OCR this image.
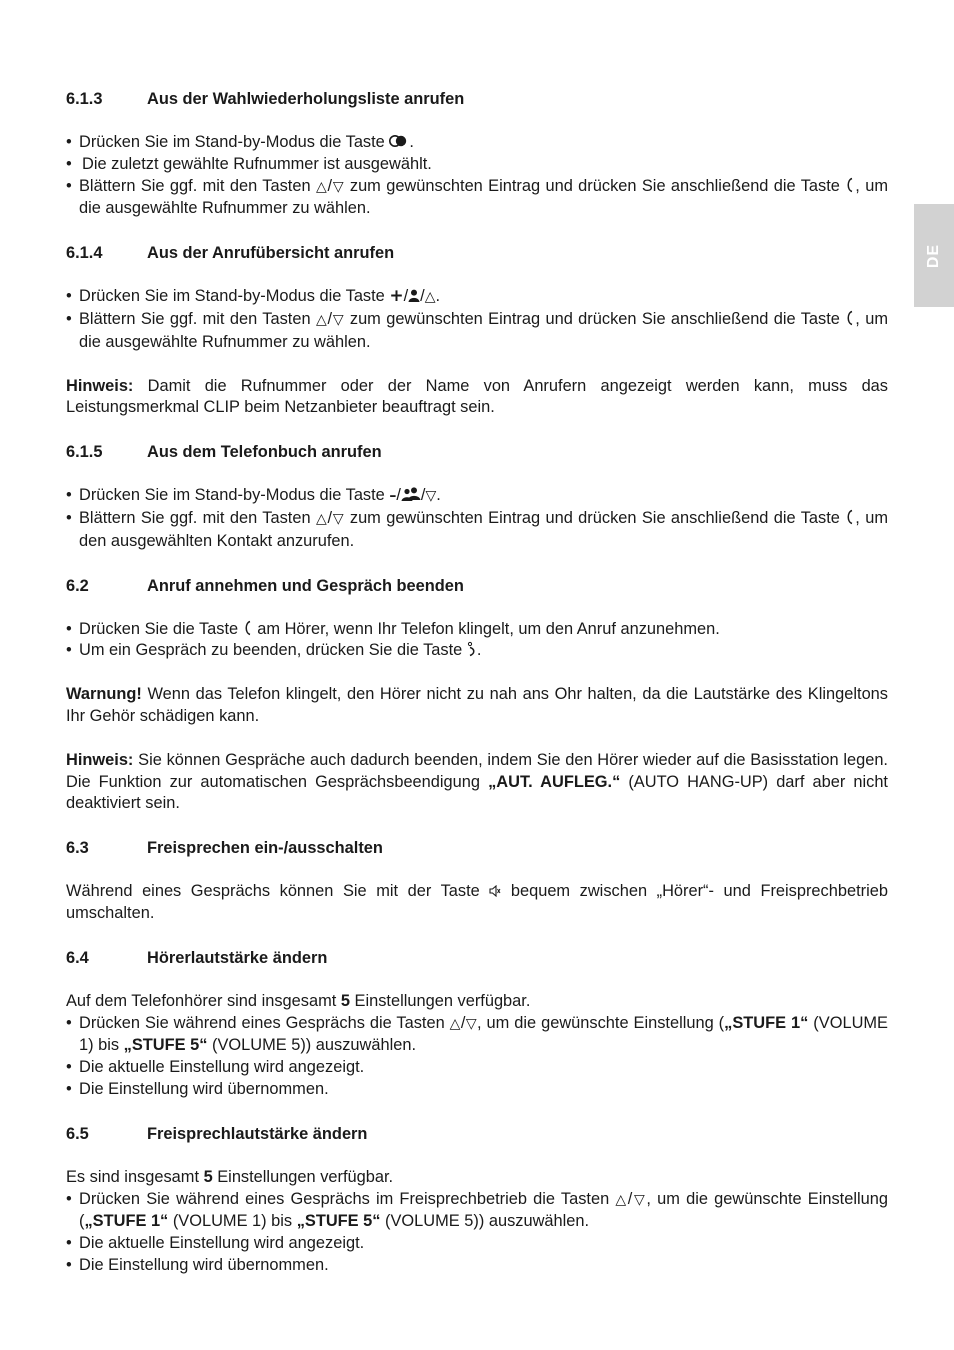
DE
6.1.3	Aus der Wahlwiederholungsliste anrufen
• Drücken Sie im Stand-by-Modus die Taste .
• Die zuletzt gewählte Rufnummer ist ausgewählt.
• Blättern Sie ggf. mit den Tasten △/▽ zum gewünschten Eintrag und drücken Sie anschließend die Taste , um die ausgewählte Rufnummer zu wählen.
6.1.4	Aus der Anrufübersicht anrufen
• Drücken Sie im Stand-by-Modus die Taste +/ /△.
• Blättern Sie ggf. mit den Tasten △/▽ zum gewünschten Eintrag und drücken Sie anschließend die Taste , um die ausgewählte Rufnummer zu wählen.

Hinweis: Damit die Rufnummer oder der Name von Anrufern angezeigt werden kann, muss das Leistungsmerkmal CLIP beim Netzanbieter beauftragt sein.

6.1.5	Aus dem Telefonbuch anrufen
• Drücken Sie im Stand-by-Modus die Taste –/ /▽.
• Blättern Sie ggf. mit den Tasten △/▽ zum gewünschten Eintrag und drücken Sie anschließend die Taste , um den ausgewählten Kontakt anzurufen.
6.2	Anruf annehmen und Gespräch beenden
• Drücken Sie die Taste  am Hörer, wenn Ihr Telefon klingelt, um den Anruf anzunehmen.
• Um ein Gespräch zu beenden, drücken Sie die Taste .

Warnung! Wenn das Telefon klingelt, den Hörer nicht zu nah ans Ohr halten, da die Lautstärke des Klingeltons Ihr Gehör schädigen kann.

Hinweis: Sie können Gespräche auch dadurch beenden, indem Sie den Hörer wieder auf die Basisstation legen. Die Funktion zur automatischen Gesprächsbeendigung „AUT. AUFLEG.“ (AUTO HANG-UP) darf aber nicht deaktiviert sein.

6.3	Freisprechen ein-/ausschalten

Während eines Gesprächs können Sie mit der Taste  bequem zwischen „Hörer“- und Freisprechbetrieb umschalten.

6.4	Hörerlautstärke ändern

Auf dem Telefonhörer sind insgesamt 5 Einstellungen verfügbar.

• Drücken Sie während eines Gesprächs die Tasten △/▽, um die gewünschte Einstellung („STUFE 1“ (VOLUME 1) bis „STUFE 5“ (VOLUME 5)) auszuwählen.
• Die aktuelle Einstellung wird angezeigt.
• Die Einstellung wird übernommen.
6.5	Freisprechlautstärke ändern

Es sind insgesamt 5 Einstellungen verfügbar.

• Drücken Sie während eines Gesprächs im Freisprechbetrieb die Tasten △/▽, um die gewünschte Einstellung („STUFE 1“ (VOLUME 1) bis „STUFE 5“ (VOLUME 5)) auszuwählen.
• Die aktuelle Einstellung wird angezeigt.
• Die Einstellung wird übernommen.
